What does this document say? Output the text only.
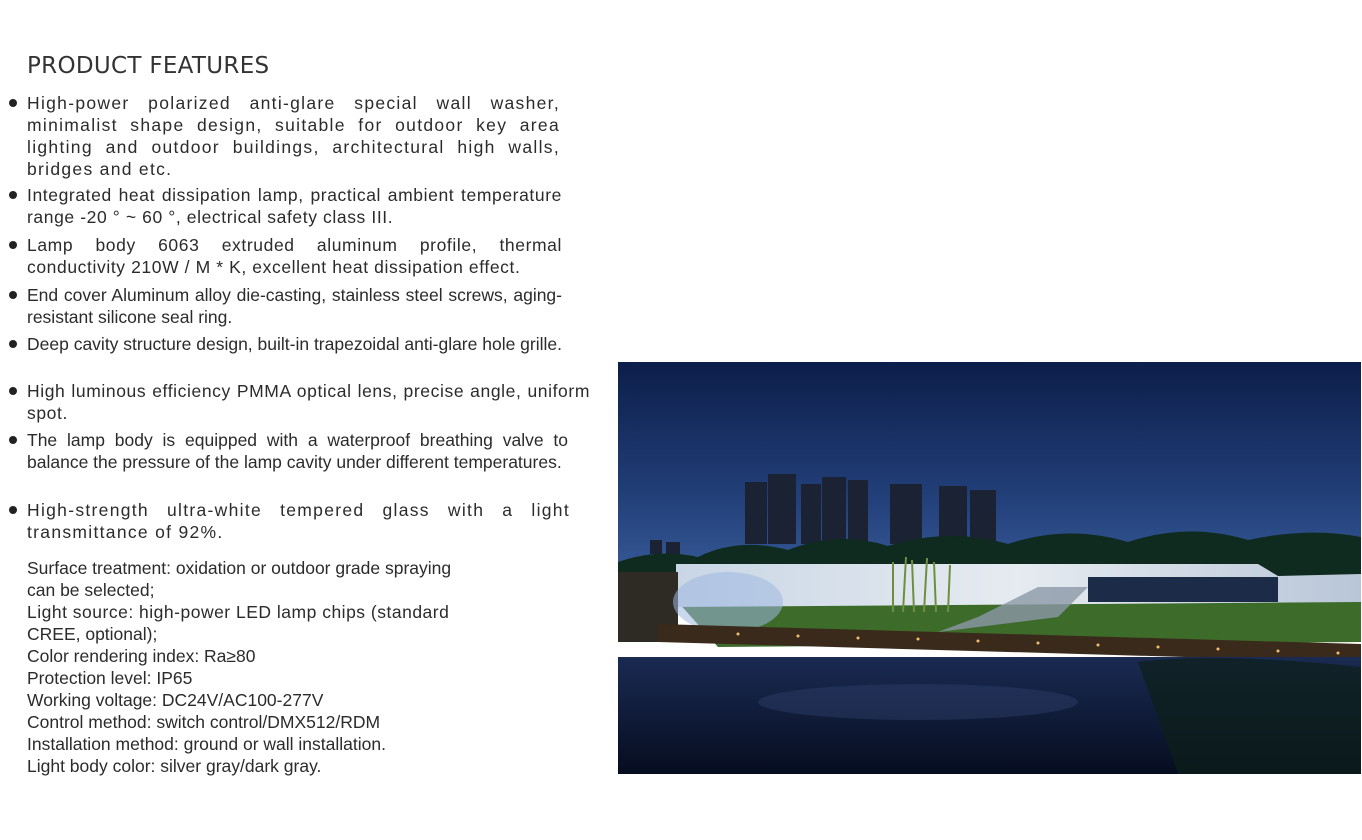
PRODUCT FEATURES
High-power polarized anti-glare special wall washer, minimalist shape design, suitable for outdoor key area lighting and outdoor buildings, architectural high walls, bridges and etc.
Integrated heat dissipation lamp, practical ambient temperature range -20 ° ~ 60 °, electrical safety class III.
Lamp body 6063 extruded aluminum profile, thermal conductivity 210W / M * K, excellent heat dissipation effect.
End cover Aluminum alloy die-casting, stainless steel screws, aging-resistant silicone seal ring.
Deep cavity structure design, built-in trapezoidal anti-glare hole grille.
High luminous efficiency PMMA optical lens, precise angle, uniform spot.
The lamp body is equipped with a waterproof breathing valve to balance the pressure of the lamp cavity under different temperatures.
High-strength ultra-white tempered glass with a light transmittance of 92%.
Surface treatment: oxidation or outdoor grade spraying
can be selected;
Light source: high-power LED lamp chips (standard
CREE, optional);
Color rendering index: Ra≥80
Protection level: IP65
Working voltage: DC24V/AC100-277V
Control method: switch control/DMX512/RDM
Installation method: ground or wall installation.
Light body color: silver gray/dark gray.
